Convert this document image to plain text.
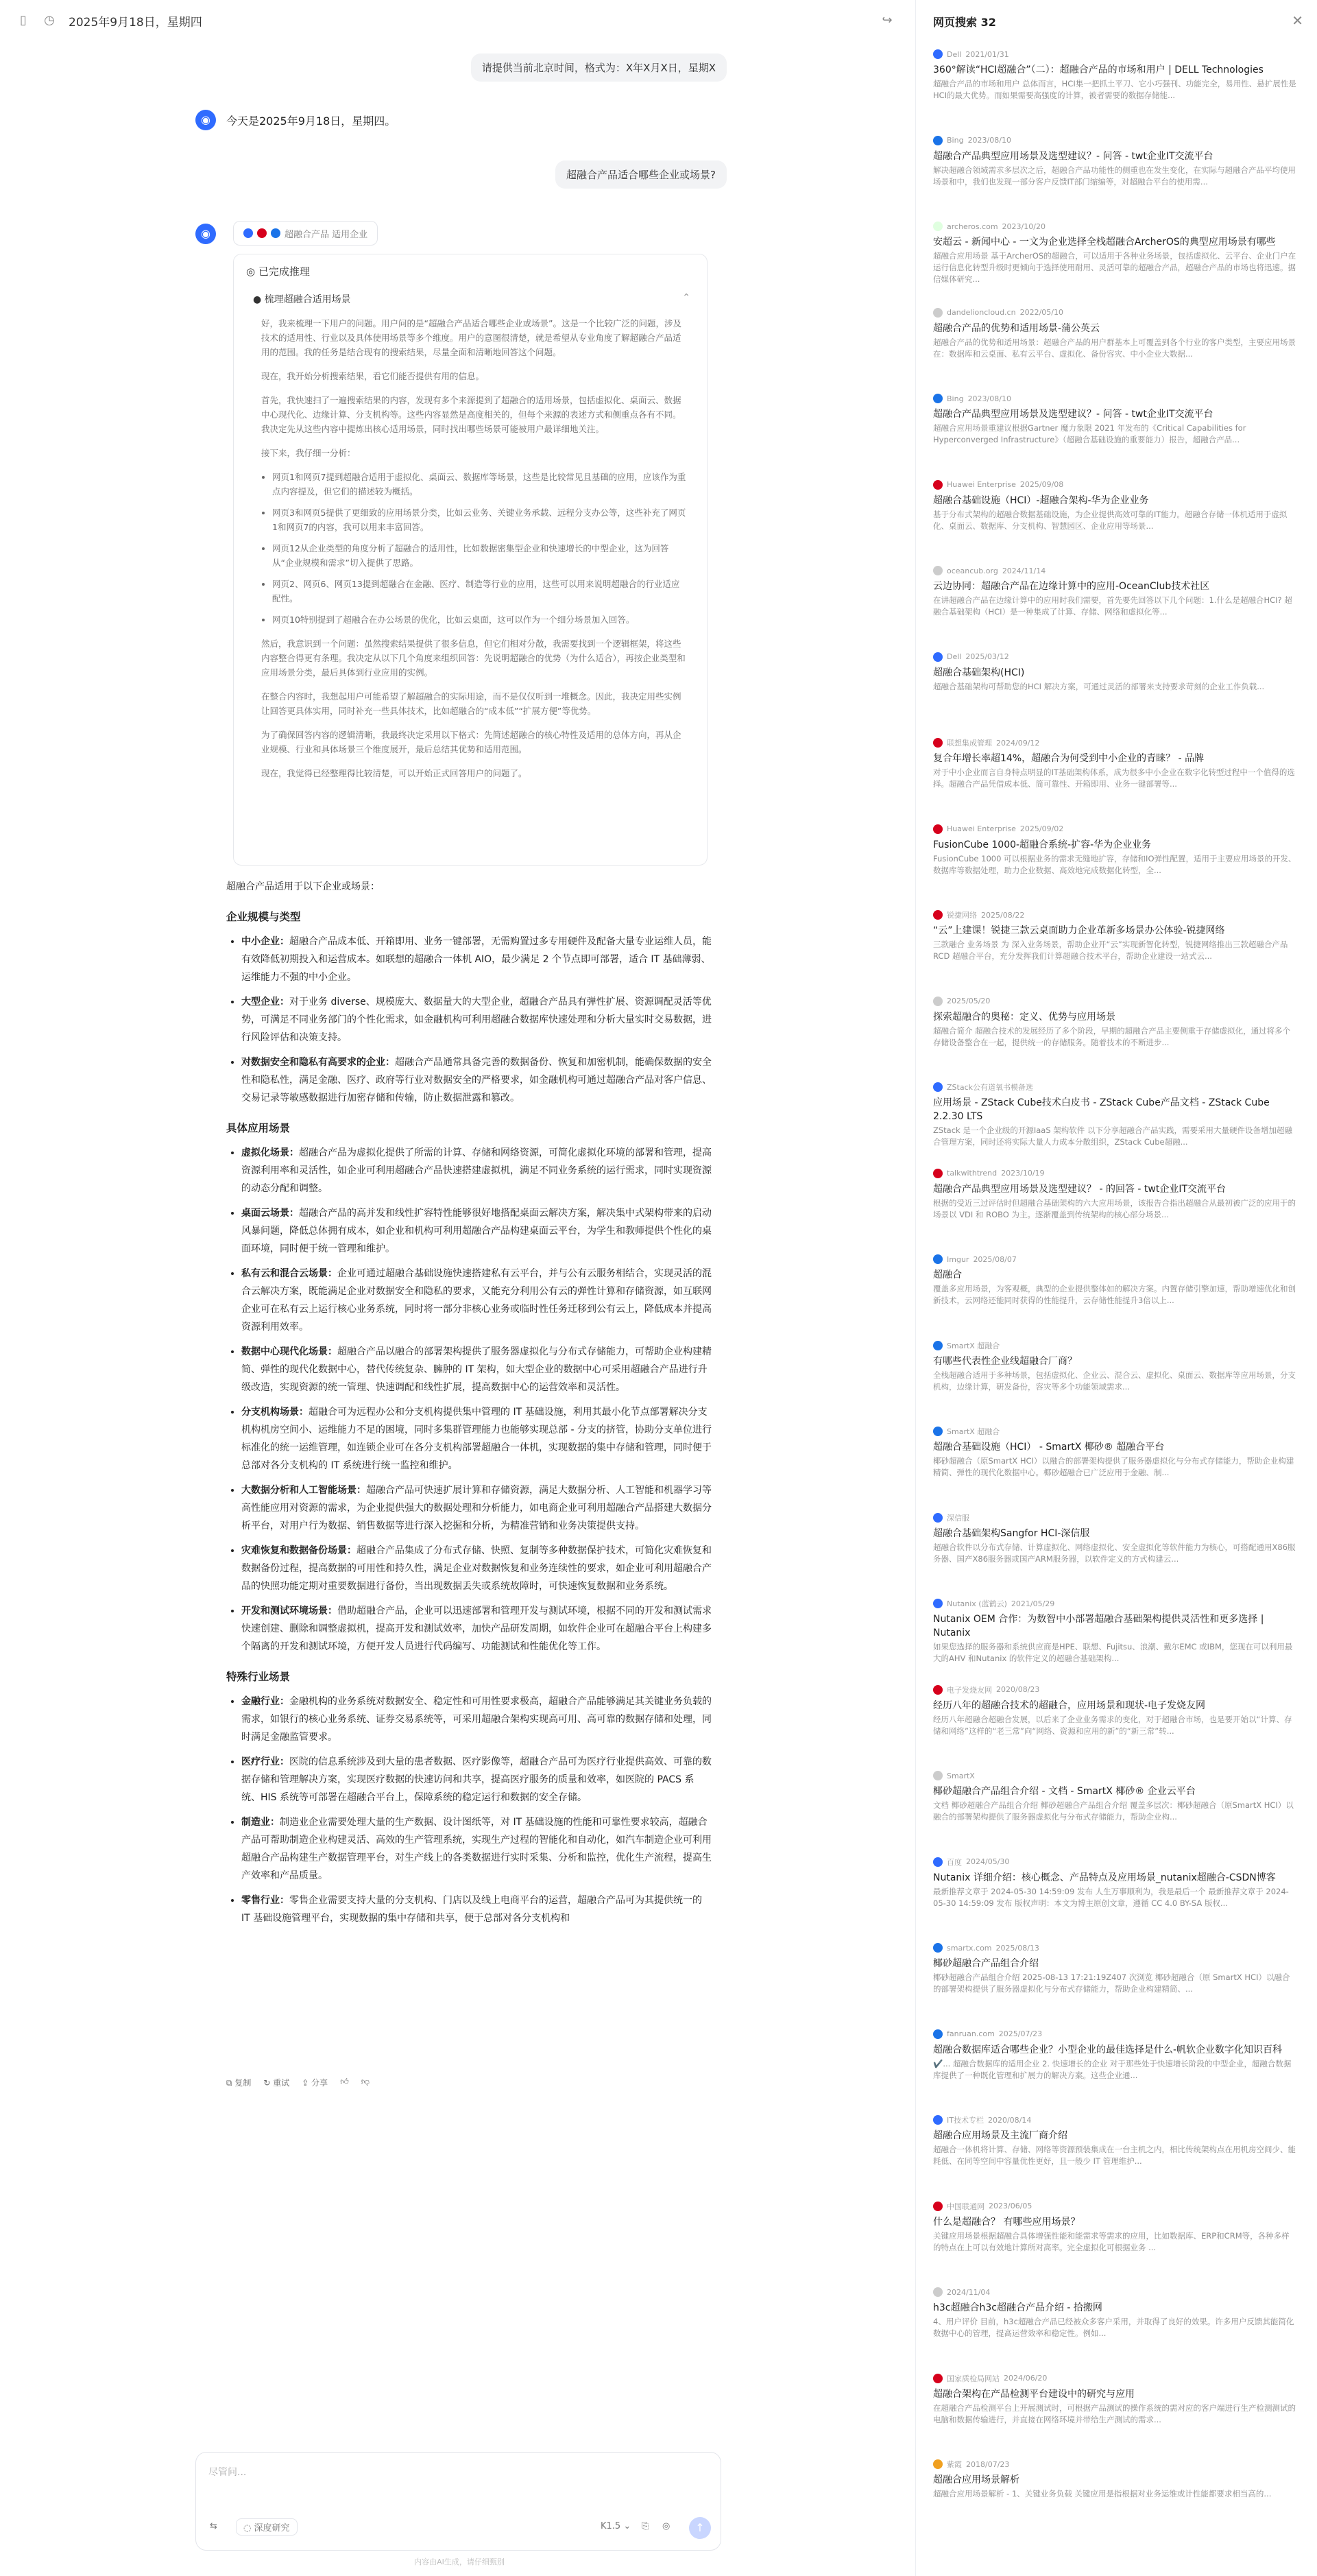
▯	◷ 2025年9月18日，星期四	↪
请提供当前北京时间，格式为：X年X月X日，星期X
◉	今天是2025年9月18日，星期四。
超融合产品适合哪些企业或场景?
◉	超融合产品 适用企业
◎ 已完成推理
● 梳理超融合适用场景	⌃

好，我来梳理一下用户的问题。用户问的是“超融合产品适合哪些企业或场景”。这是一个比较广泛的问题，涉及技术的适用性、行业以及具体使用场景等多个维度。用户的意图很清楚，就是希望从专业角度了解超融合产品适用的范围。我的任务是结合现有的搜索结果，尽量全面和清晰地回答这个问题。

现在，我开始分析搜索结果，看它们能否提供有用的信息。

首先，我快速扫了一遍搜索结果的内容，发现有多个来源提到了超融合的适用场景，包括虚拟化、桌面云、数据中心现代化、边缘计算、分支机构等。这些内容显然是高度相关的，但每个来源的表述方式和侧重点各有不同。我决定先从这些内容中提炼出核心适用场景，同时找出哪些场景可能被用户最详细地关注。

接下来，我仔细一分析：

• 网页1和网页7提到超融合适用于虚拟化、桌面云、数据库等场景，这些是比较常见且基础的应用，应该作为重点内容提及，但它们的描述较为概括。
• 网页3和网页5提供了更细致的应用场景分类，比如云业务、关键业务承载、远程分支办公等，这些补充了网页1和网页7的内容，我可以用来丰富回答。
• 网页12从企业类型的角度分析了超融合的适用性，比如数据密集型企业和快速增长的中型企业，这为回答从“企业规模和需求”切入提供了思路。
• 网页2、网页6、网页13提到超融合在金融、医疗、制造等行业的应用，这些可以用来说明超融合的行业适应配性。
• 网页10特别提到了超融合在办公场景的优化，比如云桌面，这可以作为一个细分场景加入回答。

然后，我意识到一个问题：虽然搜索结果提供了很多信息，但它们相对分散，我需要找到一个逻辑框架，将这些内容整合得更有条理。我决定从以下几个角度来组织回答：先说明超融合的优势（为什么适合），再按企业类型和应用场景分类，最后具体到行业应用的实例。

在整合内容时，我想起用户可能希望了解超融合的实际用途，而不是仅仅听到一堆概念。因此，我决定用些实例让回答更具体实用，同时补充一些具体技术，比如超融合的“成本低”“扩展方便”等优势。

为了确保回答内容的逻辑清晰，我最终决定采用以下格式：先简述超融合的核心特性及适用的总体方向，再从企业规模、行业和具体场景三个维度展开，最后总结其优势和适用范围。

现在，我觉得已经整理得比较清楚，可以开始正式回答用户的问题了。

超融合产品适用于以下企业或场景：
企业规模与类型
• 中小企业：超融合产品成本低、开箱即用、业务一键部署，无需购置过多专用硬件及配备大量专业运维人员，能有效降低初期投入和运营成本。如联想的超融合一体机 AIO，最少满足 2 个节点即可部署，适合 IT 基础薄弱、运维能力不强的中小企业。
• 大型企业：对于业务 diverse、规模庞大、数据量大的大型企业，超融合产品具有弹性扩展、资源调配灵活等优势，可满足不同业务部门的个性化需求，如金融机构可利用超融合数据库快速处理和分析大量实时交易数据，进行风险评估和决策支持。
• 对数据安全和隐私有高要求的企业：超融合产品通常具备完善的数据备份、恢复和加密机制，能确保数据的安全性和隐私性，满足金融、医疗、政府等行业对数据安全的严格要求，如金融机构可通过超融合产品对客户信息、交易记录等敏感数据进行加密存储和传输，防止数据泄露和篡改。
具体应用场景
• 虚拟化场景：超融合产品为虚拟化提供了所需的计算、存储和网络资源，可简化虚拟化环境的部署和管理，提高资源利用率和灵活性，如企业可利用超融合产品快速搭建虚拟机，满足不同业务系统的运行需求，同时实现资源的动态分配和调整。
• 桌面云场景：超融合产品的高并发和线性扩容特性能够很好地搭配桌面云解决方案，解决集中式架构带来的启动风暴问题，降低总体拥有成本，如企业和机构可利用超融合产品构建桌面云平台，为学生和教师提供个性化的桌面环境，同时便于统一管理和维护。
• 私有云和混合云场景：企业可通过超融合基础设施快速搭建私有云平台，并与公有云服务相结合，实现灵活的混合云解决方案，既能满足企业对数据安全和隐私的要求，又能充分利用公有云的弹性计算和存储资源，如互联网企业可在私有云上运行核心业务系统，同时将一部分非核心业务或临时性任务迁移到公有云上，降低成本并提高资源利用效率。
• 数据中心现代化场景：超融合产品以融合的部署架构提供了服务器虚拟化与分布式存储能力，可帮助企业构建精简、弹性的现代化数据中心，替代传统复杂、臃肿的 IT 架构，如大型企业的数据中心可采用超融合产品进行升级改造，实现资源的统一管理、快速调配和线性扩展，提高数据中心的运营效率和灵活性。
• 分支机构场景：超融合可为远程办公和分支机构提供集中管理的 IT 基础设施，利用其最小化节点部署解决分支机构机房空间小、运维能力不足的困境，同时多集群管理能力也能够实现总部 - 分支的挤管，协助分支单位进行标准化的统一运维管理，如连锁企业可在各分支机构部署超融合一体机，实现数据的集中存储和管理，同时便于总部对各分支机构的 IT 系统进行统一监控和维护。
• 大数据分析和人工智能场景：超融合产品可快速扩展计算和存储资源，满足大数据分析、人工智能和机器学习等高性能应用对资源的需求，为企业提供强大的数据处理和分析能力，如电商企业可利用超融合产品搭建大数据分析平台，对用户行为数据、销售数据等进行深入挖掘和分析，为精准营销和业务决策提供支持。
• 灾难恢复和数据备份场景：超融合产品集成了分布式存储、快照、复制等多种数据保护技术，可简化灾难恢复和数据备份过程，提高数据的可用性和持久性，满足企业对数据恢复和业务连续性的要求，如企业可利用超融合产品的快照功能定期对重要数据进行备份，当出现数据丢失或系统故障时，可快速恢复数据和业务系统。
• 开发和测试环境场景：借助超融合产品，企业可以迅速部署和管理开发与测试环境，根据不同的开发和测试需求快速创建、删除和调整虚拟机，提高开发和测试效率，加快产品研发周期，如软件企业可在超融合平台上构建多个隔离的开发和测试环境，方便开发人员进行代码编写、功能测试和性能优化等工作。
特殊行业场景
• 金融行业：金融机构的业务系统对数据安全、稳定性和可用性要求极高，超融合产品能够满足其关键业务负载的需求，如银行的核心业务系统、证券交易系统等，可采用超融合架构实现高可用、高可靠的数据存储和处理，同时满足金融监管要求。
• 医疗行业：医院的信息系统涉及到大量的患者数据、医疗影像等，超融合产品可为医疗行业提供高效、可靠的数据存储和管理解决方案，实现医疗数据的快速访问和共享，提高医疗服务的质量和效率，如医院的 PACS 系统、HIS 系统等可部署在超融合平台上，保障系统的稳定运行和数据的安全存储。
• 制造业：制造业企业需要处理大量的生产数据、设计图纸等，对 IT 基础设施的性能和可靠性要求较高，超融合产品可帮助制造企业构建灵活、高效的生产管理系统，实现生产过程的智能化和自动化，如汽车制造企业可利用超融合产品构建生产数据管理平台，对生产线上的各类数据进行实时采集、分析和监控，优化生产流程，提高生产效率和产品质量。
• 零售行业：零售企业需要支持大量的分支机构、门店以及线上电商平台的运营，超融合产品可为其提供统一的 IT 基础设施管理平台，实现数据的集中存储和共享，便于总部对各分支机构和
⧉ 复制 ↻ 重试 ⇪ 分享 👍︎ 👎︎
尽管问...
⇆	◌ 深度研究	K1.5 ⌄ ⎘ ◎	↑
内容由AI生成，请仔细甄别
网页搜索 32	✕
Dell 2021/01/31
360°解读“HCI超融合”（二）：超融合产品的市场和用户 | DELL Technologies
超融合产品的市场和用户 总体而言，HCI集一把抓土平刀、它小巧强刊、功能完全，易用性、悬扩展性是HCI的最大优势。而如果需要高强度的计算，被者需要的数据存储能...
Bing 2023/08/10
超融合产品典型应用场景及选型建议？- 问答 - twt企业IT交流平台
解决超融合领域需求多层次之后，超融合产品功能性的侧重也在发生变化，在实际与超融合产品平均使用场景和中，我们也发现一部分客户反馈IT部门缩编等，对超融合平台的使用需...
archeros.com 2023/10/20
安超云 - 新闻中心 - 一文为企业选择全栈超融合ArcherOS的典型应用场景有哪些
超融合应用场景 基于ArcherOS的超融合，可以适用于各种业务场景，包括虚拟化、云平台、企业门户在运行信息化转型升级时更倾向于选择使用耐用、灵活可靠的超融合产品，超融合产品的市场也将迅速。据信媒体研究...
dandelioncloud.cn 2022/05/10
超融合产品的优势和适用场景-蒲公英云
超融合产品的优势和适用场景：超融合产品的用户群基本上可覆盖到各个行业的客户类型，主要应用场景在：数据库和云桌面、私有云平台、虚拟化、备份容灾、中小企业大数据...
Bing 2023/08/10
超融合产品典型应用场景及选型建议？- 问答 - twt企业IT交流平台
超融合应用场景重建议根据Gartner 魔力象限 2021 年发布的《Critical Capabilities for Hyperconverged Infrastructure》（超融合基础设施的重要能力）报告，超融合产品...
Huawei Enterprise 2025/09/08
超融合基础设施（HCI）-超融合架构-华为企业业务
基于分布式架构的超融合数据基础设施，为企业提供高效可靠的IT能力。超融合存储一体机适用于虚拟化、桌面云、数据库、分支机构、智慧园区、企业应用等场景...
oceancub.org 2024/11/14
云边协同：超融合产品在边缘计算中的应用-OceanClub技术社区
在讲超融合产品在边缘计算中的应用时我们需要，首先要先回答以下几个问题：1.什么是超融合HCI? 超融合基础架构（HCI）是一种集成了计算、存储、网络和虚拟化等...
Dell 2025/03/12
超融合基础架构(HCI)
超融合基础架构可帮助您的HCI 解决方案，可通过灵活的部署来支持要求苛刻的企业工作负载...
联想集成管理 2024/09/12
复合年增长率超14%，超融合为何受到中小企业的青睐？ - 品牌
对于中小企业而言自身特点明显的IT基础架构体系，成为很多中小企业在数字化转型过程中一个值得的选择。超融合产品凭借成本低、简可靠性、开箱即用、业务一键部署等...
Huawei Enterprise 2025/09/02
FusionCube 1000-超融合系统-扩容-华为企业业务
FusionCube 1000 可以根据业务的需求无缝地扩容，存储和IO弹性配置，适用于主要应用场景的开发、数据库等数据处理，助力企业数据、高效地完成数据化转型，全...
锐捷网络 2025/08/22
“云”上建课！锐捷三款云桌面助力企业革新多场景办公体验-锐捷网络
三款融合 业务场景 为 深入业务场景，帮助企业开“云”实现新智化转型，锐捷网络推出三款超融合产品 RCD 超融合平台，充分发挥我们计算超融合技术平台，帮助企业建设一站式云...
2025/05/20
探索超融合的奥秘：定义、优势与应用场景
超融合简介 超融合技术的发展经历了多个阶段，早期的超融合产品主要侧重于存储虚拟化，通过将多个存储设备整合在一起，提供统一的存储服务。随着技术的不断进步...
ZStack公有道氧书模备选
应用场景 - ZStack Cube技术白皮书 - ZStack Cube产品文档 - ZStack Cube 2.2.30 LTS
ZStack 是一个企业级的开源IaaS 架构软件 以下分享超融合产品实践，需要采用大量硬件设备增加超融合管理方案，同时还将实际大量人力成本分散组织，ZStack Cube超融...
talkwithtrend 2023/10/19
超融合产品典型应用场景及选型建议？ - 的回答 - twt企业IT交流平台
根据的受近三过评估时但超融合基础架构的六大应用场景，该报告合指出超融合从最初被广泛的应用于的场景以 VDI 和 ROBO 为主。逐渐覆盖到传统架构的核心部分场景...
Imgur 2025/08/07
超融合
覆盖多应用场景，为客观概，典型的企业提供整体如的解决方案。内置存储引擎加速，帮助增速优化和创新技术，云网络还能同时获得的性能提升，云存储性能提升3倍以上...
SmartX 超融合
有哪些代表性企业线超融合厂商？
全栈超融合适用于多种场景，包括虚拟化、企业云、混合云、虚拟化、桌面云、数据库等应用场景，分支机构，边缘计算，研发备份，容灾等多个功能领域需求...
SmartX 超融合
超融合基础设施（HCI） - SmartX 椰砂® 超融合平台
椰砂超融合（原SmartX HCI）以融合的部署架构提供了服务器虚拟化与分布式存储能力，帮助企业构建精简、弹性的现代化数据中心。椰砂超融合已广泛应用于金融、制...
深信服
超融合基础架构Sangfor HCI-深信服
超融合软件以分布式存储、计算虚拟化、网络虚拟化、安全虚拟化等软件能力为核心，可搭配通用X86服务器、国产X86服务器或国产ARM服务器，以软件定义的方式构建云...
Nutanix (蓝鹤云) 2021/05/29
Nutanix OEM 合作：为数智中小部署超融合基础架构提供灵活性和更多选择 | Nutanix
如果您选择的服务器和系统供应商是HPE、联想、Fujitsu、浪潮、戴尔EMC 或IBM，您现在可以利用最大的AHV 和Nutanix 的软件定义的超融合基础架构...
电子发烧友网 2020/08/23
经历八年的超融合技术的超融合，应用场景和现状-电子发烧友网
经历八年超融合超融合发展，以后来了企业业务需求的变化，对于超融合市场，也是要开始以“计算、存储和网络”这样的“老三常”向“网络、资源和应用的新”的“新三常”转...
SmartX
椰砂超融合产品组合介绍 - 文档 - SmartX 椰砂® 企业云平台
文档 椰砂超融合产品组合介绍 椰砂超融合产品组合介绍 覆盖多层次：椰砂超融合（原SmartX HCI）以融合的部署架构提供了服务器虚拟化与分布式存储能力，帮助企业构...
百度 2024/05/30
Nutanix 详细介绍：核心概念、产品特点及应用场景_nutanix超融合-CSDN博客
最新推荐文章于 2024-05-30 14:59:09 发布 人生万事顺利为，我是最后一个 最新推荐文章于 2024-05-30 14:59:09 发布 版权声明：本文为博主原创文章，遵循 CC 4.0 BY-SA 版权...
smartx.com 2025/08/13
椰砂超融合产品组合介绍
椰砂超融合产品组合介绍 2025-08-13 17:21:19Z407 次浏览 椰砂超融合（原 SmartX HCI）以融合的部署架构提供了服务器虚拟化与分布式存储能力，帮助企业构建精简、...
fanruan.com 2025/07/23
超融合数据库适合哪些企业？小型企业的最佳选择是什么-帆软企业数字化知识百科
✔️... 超融合数据库的适用企业 2. 快速增长的企业 对于那些处于快速增长阶段的中型企业，超融合数据库提供了一种既化管理和扩展力的解决方案。这些企业通...
IT技术专栏 2020/08/14
超融合应用场景及主流厂商介绍
超融合一体机将计算、存储、网络等资源预装集成在一台主机之内，相比传统架构点在用机房空间少、能耗低、在同等空间中容量优性更好，且一般少 IT 管理维护...
中国联通网 2023/06/05
什么是超融合？ 有哪些应用场景？
关键应用场景根据超融合具体增强性能和能需求等需求的应用，比如数据库、ERP和CRM等，各种多样的特点在上可以有效地计算所对高率。完全虚拟化可根据业务 ...
2024/11/04
h3c超融合h3c超融合产品介绍 - 拾搬网
4、用户评价 目前，h3c超融合产品已经被众多客户采用，并取得了良好的效果。许多用户反馈其能简化数据中心的管理，提高运营效率和稳定性。例如...
国家质检局网站 2024/06/20
超融合架构在产品检测平台建设中的研究与应用
在超融合产品检测平台上开展测试时，可根据产品测试的操作系统的需对应的客户端进行生产检测测试的电脑和数据传输进行，并直接在网络环境并带给生产测试的需求...
紫霞 2018/07/23
超融合应用场景解析
超融合应用场景解析 - 1、关键业务负载 关键应用是指根据对业务运维或计性能都要求相当高的...
